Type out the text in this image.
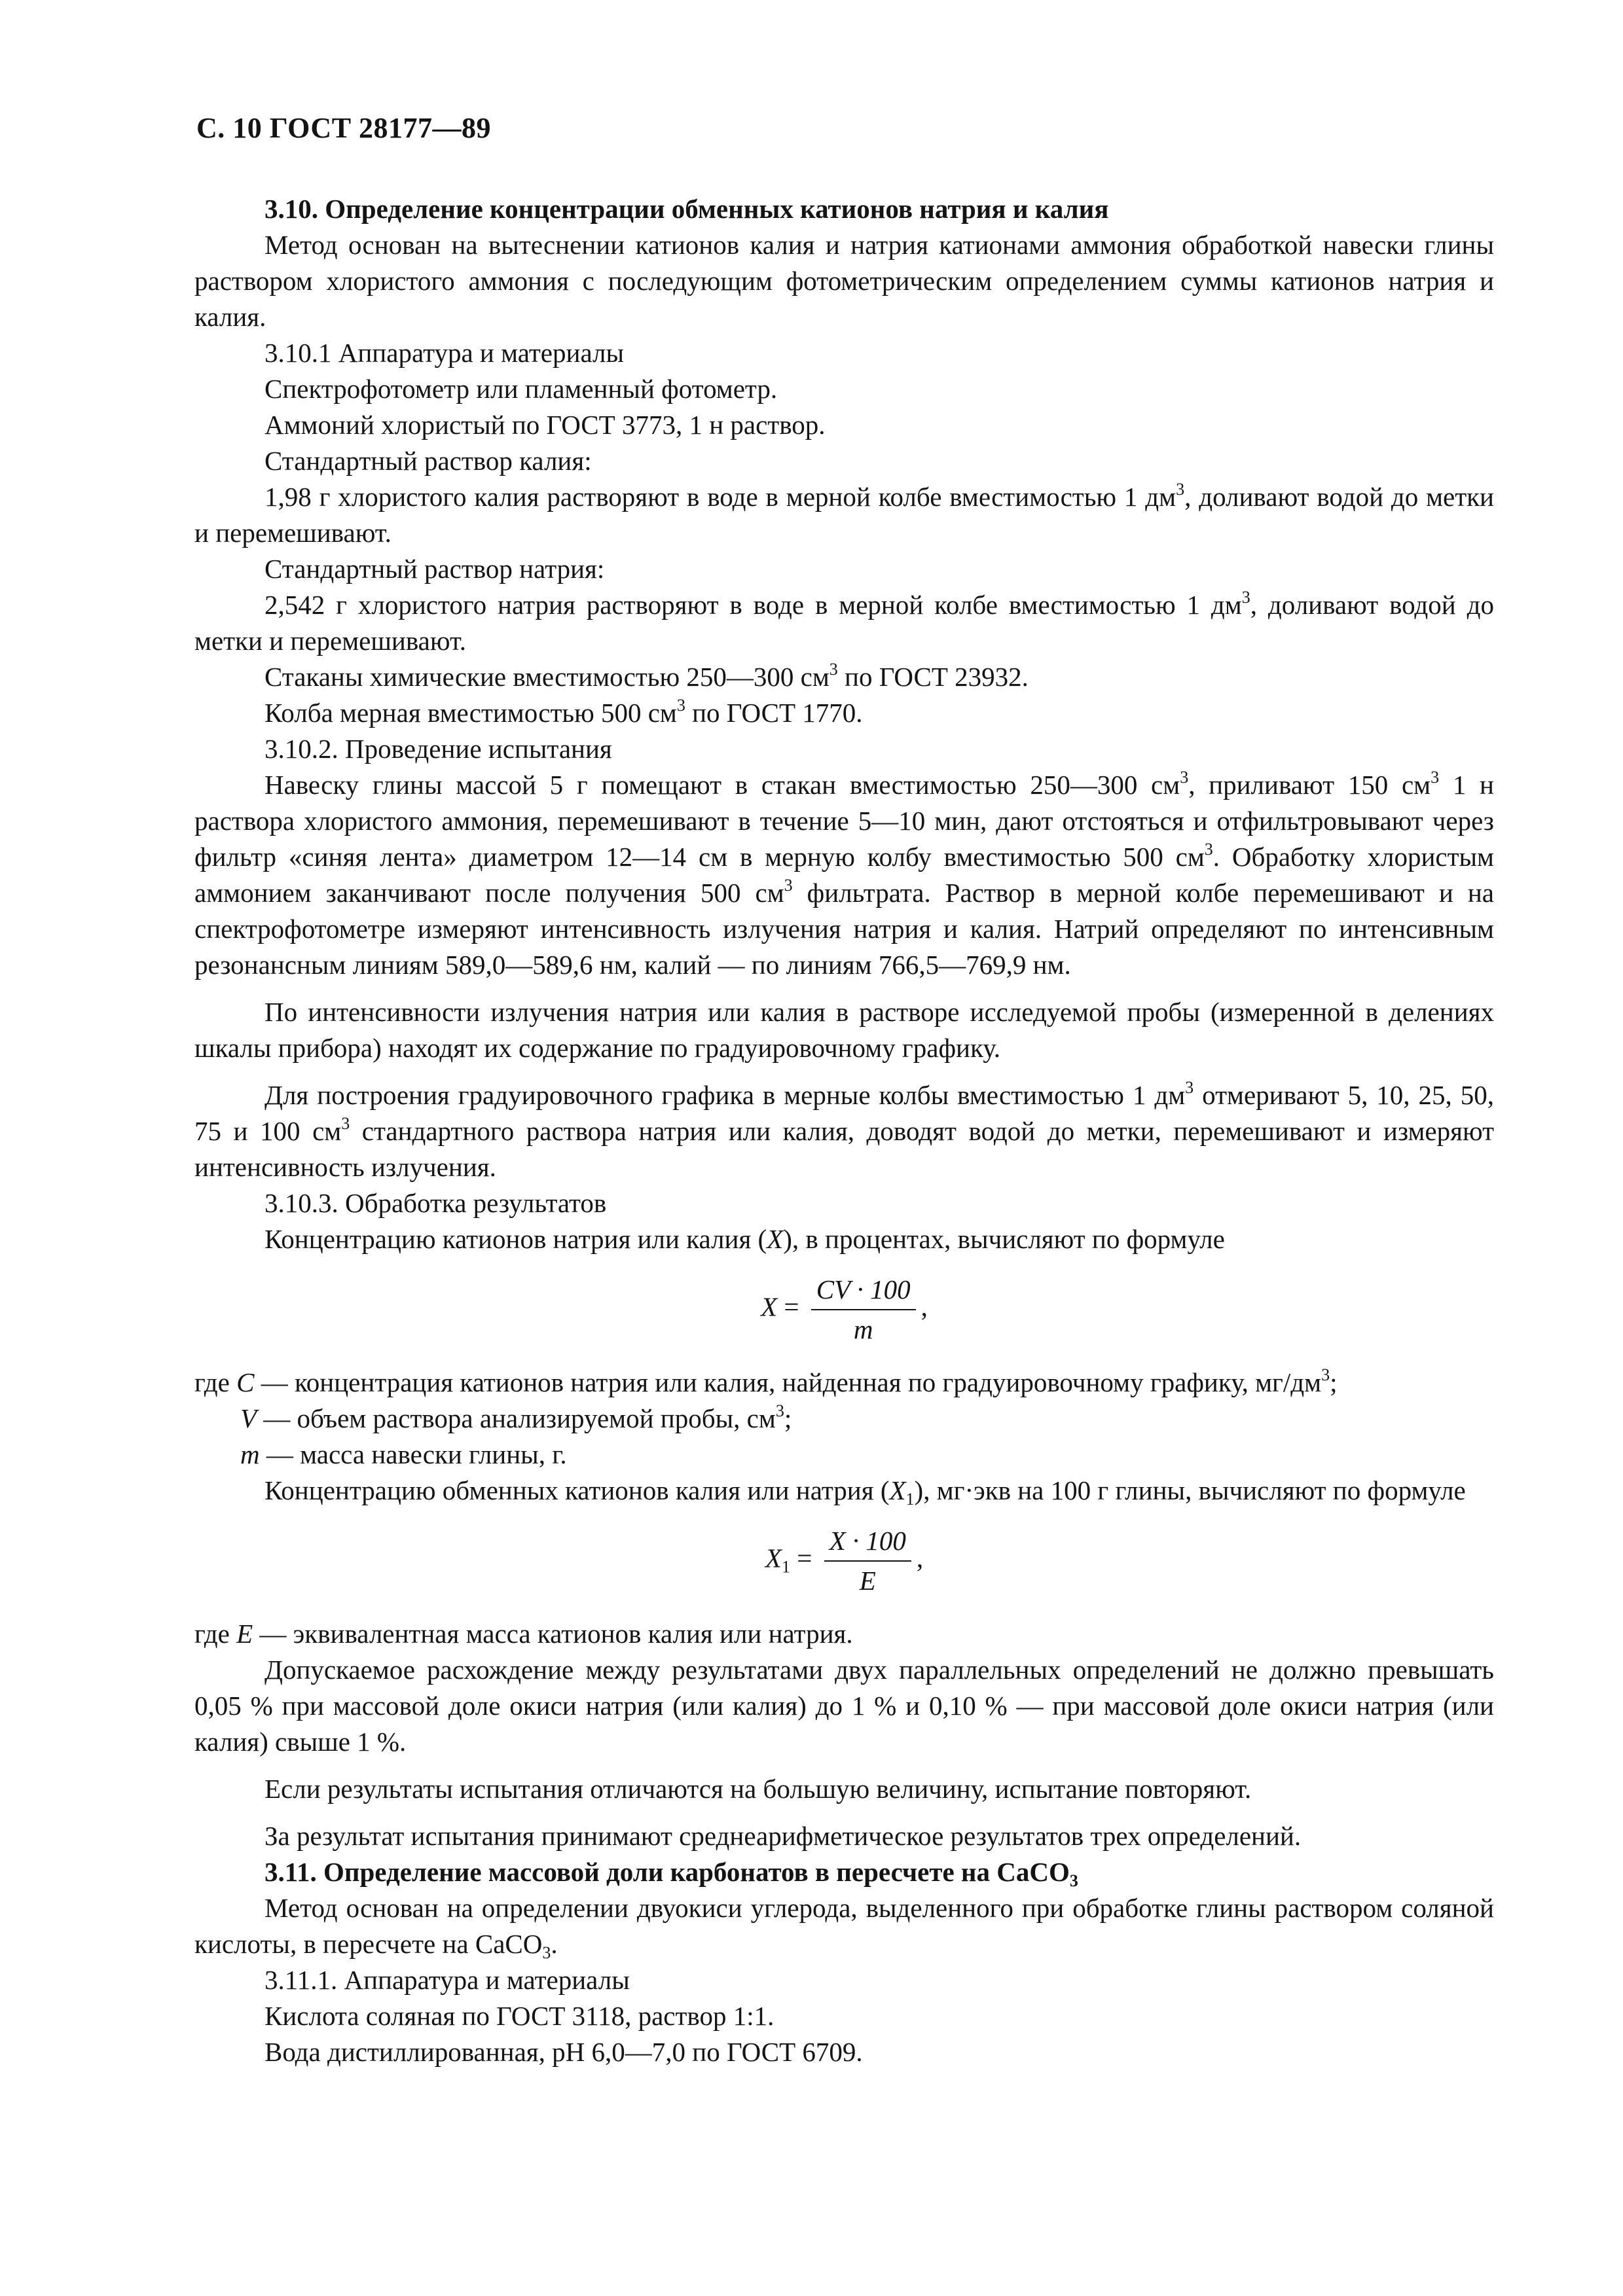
С. 10 ГОСТ 28177—89

3.10. Определение концентрации обменных катионов натрия и калия

Метод основан на вытеснении катионов калия и натрия катионами аммония обработкой навески глины раствором хлористого аммония с последующим фотометрическим определением суммы катионов натрия и калия.

3.10.1 Аппаратура и материалы

Спектрофотометр или пламенный фотометр.

Аммоний хлористый по ГОСТ 3773, 1 н раствор.

Стандартный раствор калия:

1,98 г хлористого калия растворяют в воде в мерной колбе вместимостью 1 $дм^3$, доливают водой до метки и перемешивают.

Стандартный раствор натрия:

2,542 г хлористого натрия растворяют в воде в мерной колбе вместимостью 1 $дм^3$, доливают водой до метки и перемешивают.

Стаканы химические вместимостью 250—300 $см^3$ по ГОСТ 23932.

Колба мерная вместимостью 500 $см^3$ по ГОСТ 1770.

3.10.2. Проведение испытания

Навеску глины массой 5 г помещают в стакан вместимостью 250—300 $см^3$, приливают 150 $см^3$ 1 н раствора хлористого аммония, перемешивают в течение 5—10 мин, дают отстояться и отфильтровывают через фильтр «синяя лента» диаметром 12—14 см в мерную колбу вместимостью 500 $см^3$. Обработку хлористым аммонием заканчивают после получения 500 $см^3$ фильтрата. Раствор в мерной колбе перемешивают и на спектрофотометре измеряют интенсивность излучения натрия и калия. Натрий определяют по интенсивным резонансным линиям 589,0—589,6 нм, калий — по линиям 766,5—769,9 нм.

По интенсивности излучения натрия или калия в растворе исследуемой пробы (измеренной в делениях шкалы прибора) находят их содержание по градуировочному графику.

Для построения градуировочного графика в мерные колбы вместимостью 1 $дм^3$ отмеривают 5, 10, 25, 50, 75 и 100 $см^3$ стандартного раствора натрия или калия, доводят водой до метки, перемешивают и измеряют интенсивность излучения.

3.10.3. Обработка результатов

Концентрацию катионов натрия или калия (X), в процентах, вычисляют по формуле

$X = \frac{CV \cdot 100}{m}$ ,

где C — концентрация катионов натрия или калия, найденная по градуировочному графику, $мг/дм^3$;

V — объем раствора анализируемой пробы, $см^3$;

m — масса навески глины, г.

Концентрацию обменных катионов калия или натрия $(X_1)$, мг·экв на 100 г глины, вычисляют по формуле

$X_1 = \frac{X \cdot 100}{E}$ ,

где E — эквивалентная масса катионов калия или натрия.

Допускаемое расхождение между результатами двух параллельных определений не должно превышать 0,05 % при массовой доле окиси натрия (или калия) до 1 % и 0,10 % — при массовой доле окиси натрия (или калия) свыше 1 %.

Если результаты испытания отличаются на большую величину, испытание повторяют.

За результат испытания принимают среднеарифметическое результатов трех определений.

3.11. Определение массовой доли карбонатов в пересчете на CaCO$_3$

Метод основан на определении двуокиси углерода, выделенного при обработке глины раствором соляной кислоты, в пересчете на CaCO$_3$.

3.11.1. Аппаратура и материалы

Кислота соляная по ГОСТ 3118, раствор 1:1.

Вода дистиллированная, pH 6,0—7,0 по ГОСТ 6709.
